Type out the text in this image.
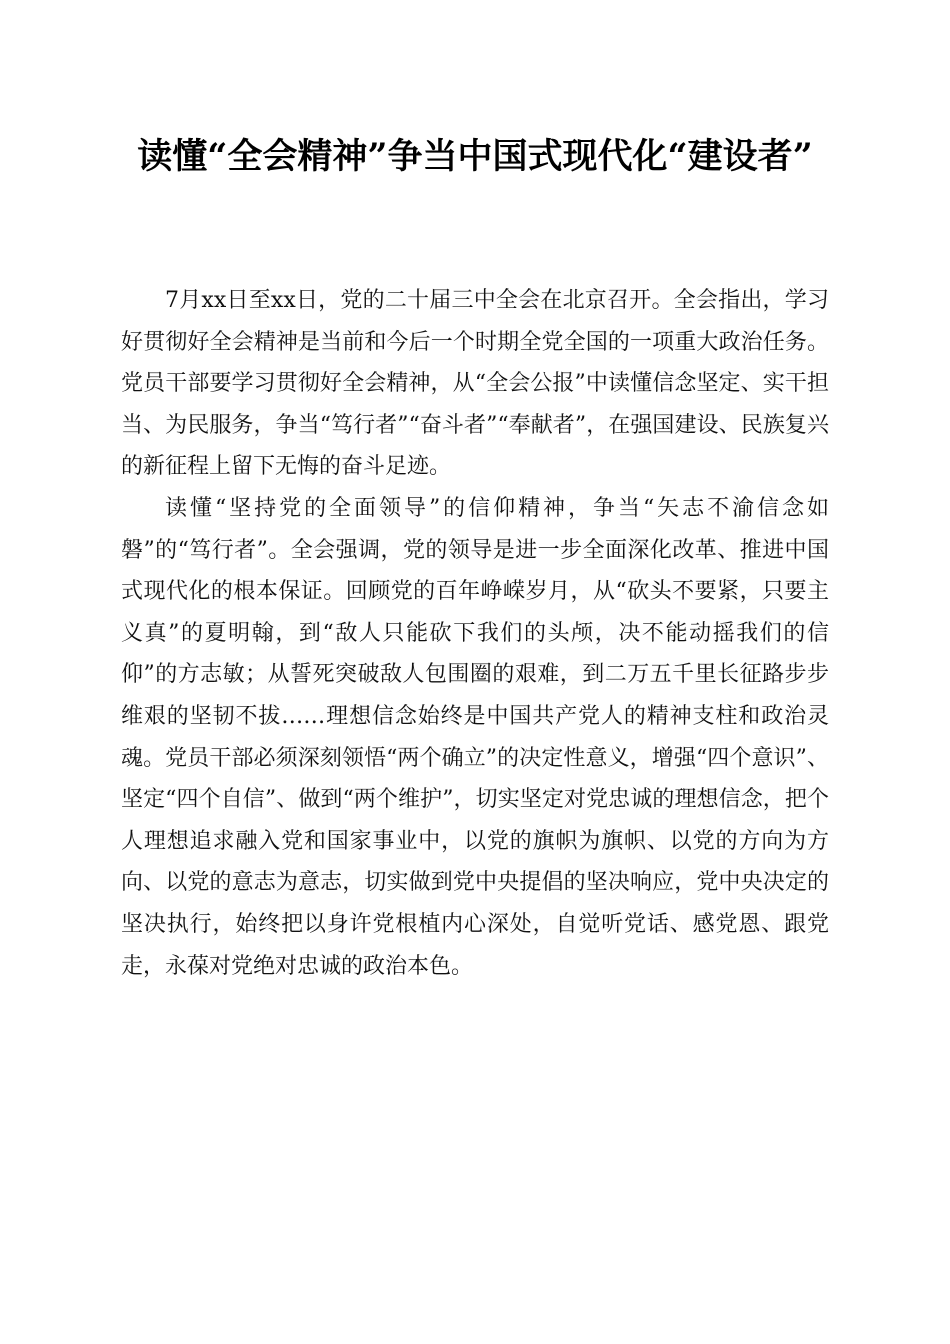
读懂“全会精神”争当中国式现代化“建设者”

7月xx日至xx日，党的二十届三中全会在北京召开。全会指出，学习好贯彻好全会精神是当前和今后一个时期全党全国的一项重大政治任务。党员干部要学习贯彻好全会精神，从“全会公报”中读懂信念坚定、实干担当、为民服务，争当“笃行者”“奋斗者”“奉献者”，在强国建设、民族复兴的新征程上留下无悔的奋斗足迹。

读懂“坚持党的全面领导”的信仰精神，争当“矢志不渝信念如磐”的“笃行者”。全会强调，党的领导是进一步全面深化改革、推进中国式现代化的根本保证。回顾党的百年峥嵘岁月，从“砍头不要紧，只要主义真”的夏明翰，到“敌人只能砍下我们的头颅，决不能动摇我们的信仰”的方志敏；从誓死突破敌人包围圈的艰难，到二万五千里长征路步步维艰的坚韧不拔……理想信念始终是中国共产党人的精神支柱和政治灵魂。党员干部必须深刻领悟“两个确立”的决定性意义，增强“四个意识”、坚定“四个自信”、做到“两个维护”，切实坚定对党忠诚的理想信念，把个人理想追求融入党和国家事业中，以党的旗帜为旗帜、以党的方向为方向、以党的意志为意志，切实做到党中央提倡的坚决响应，党中央决定的坚决执行，始终把以身许党根植内心深处，自觉听党话、感党恩、跟党走，永葆对党绝对忠诚的政治本色。
